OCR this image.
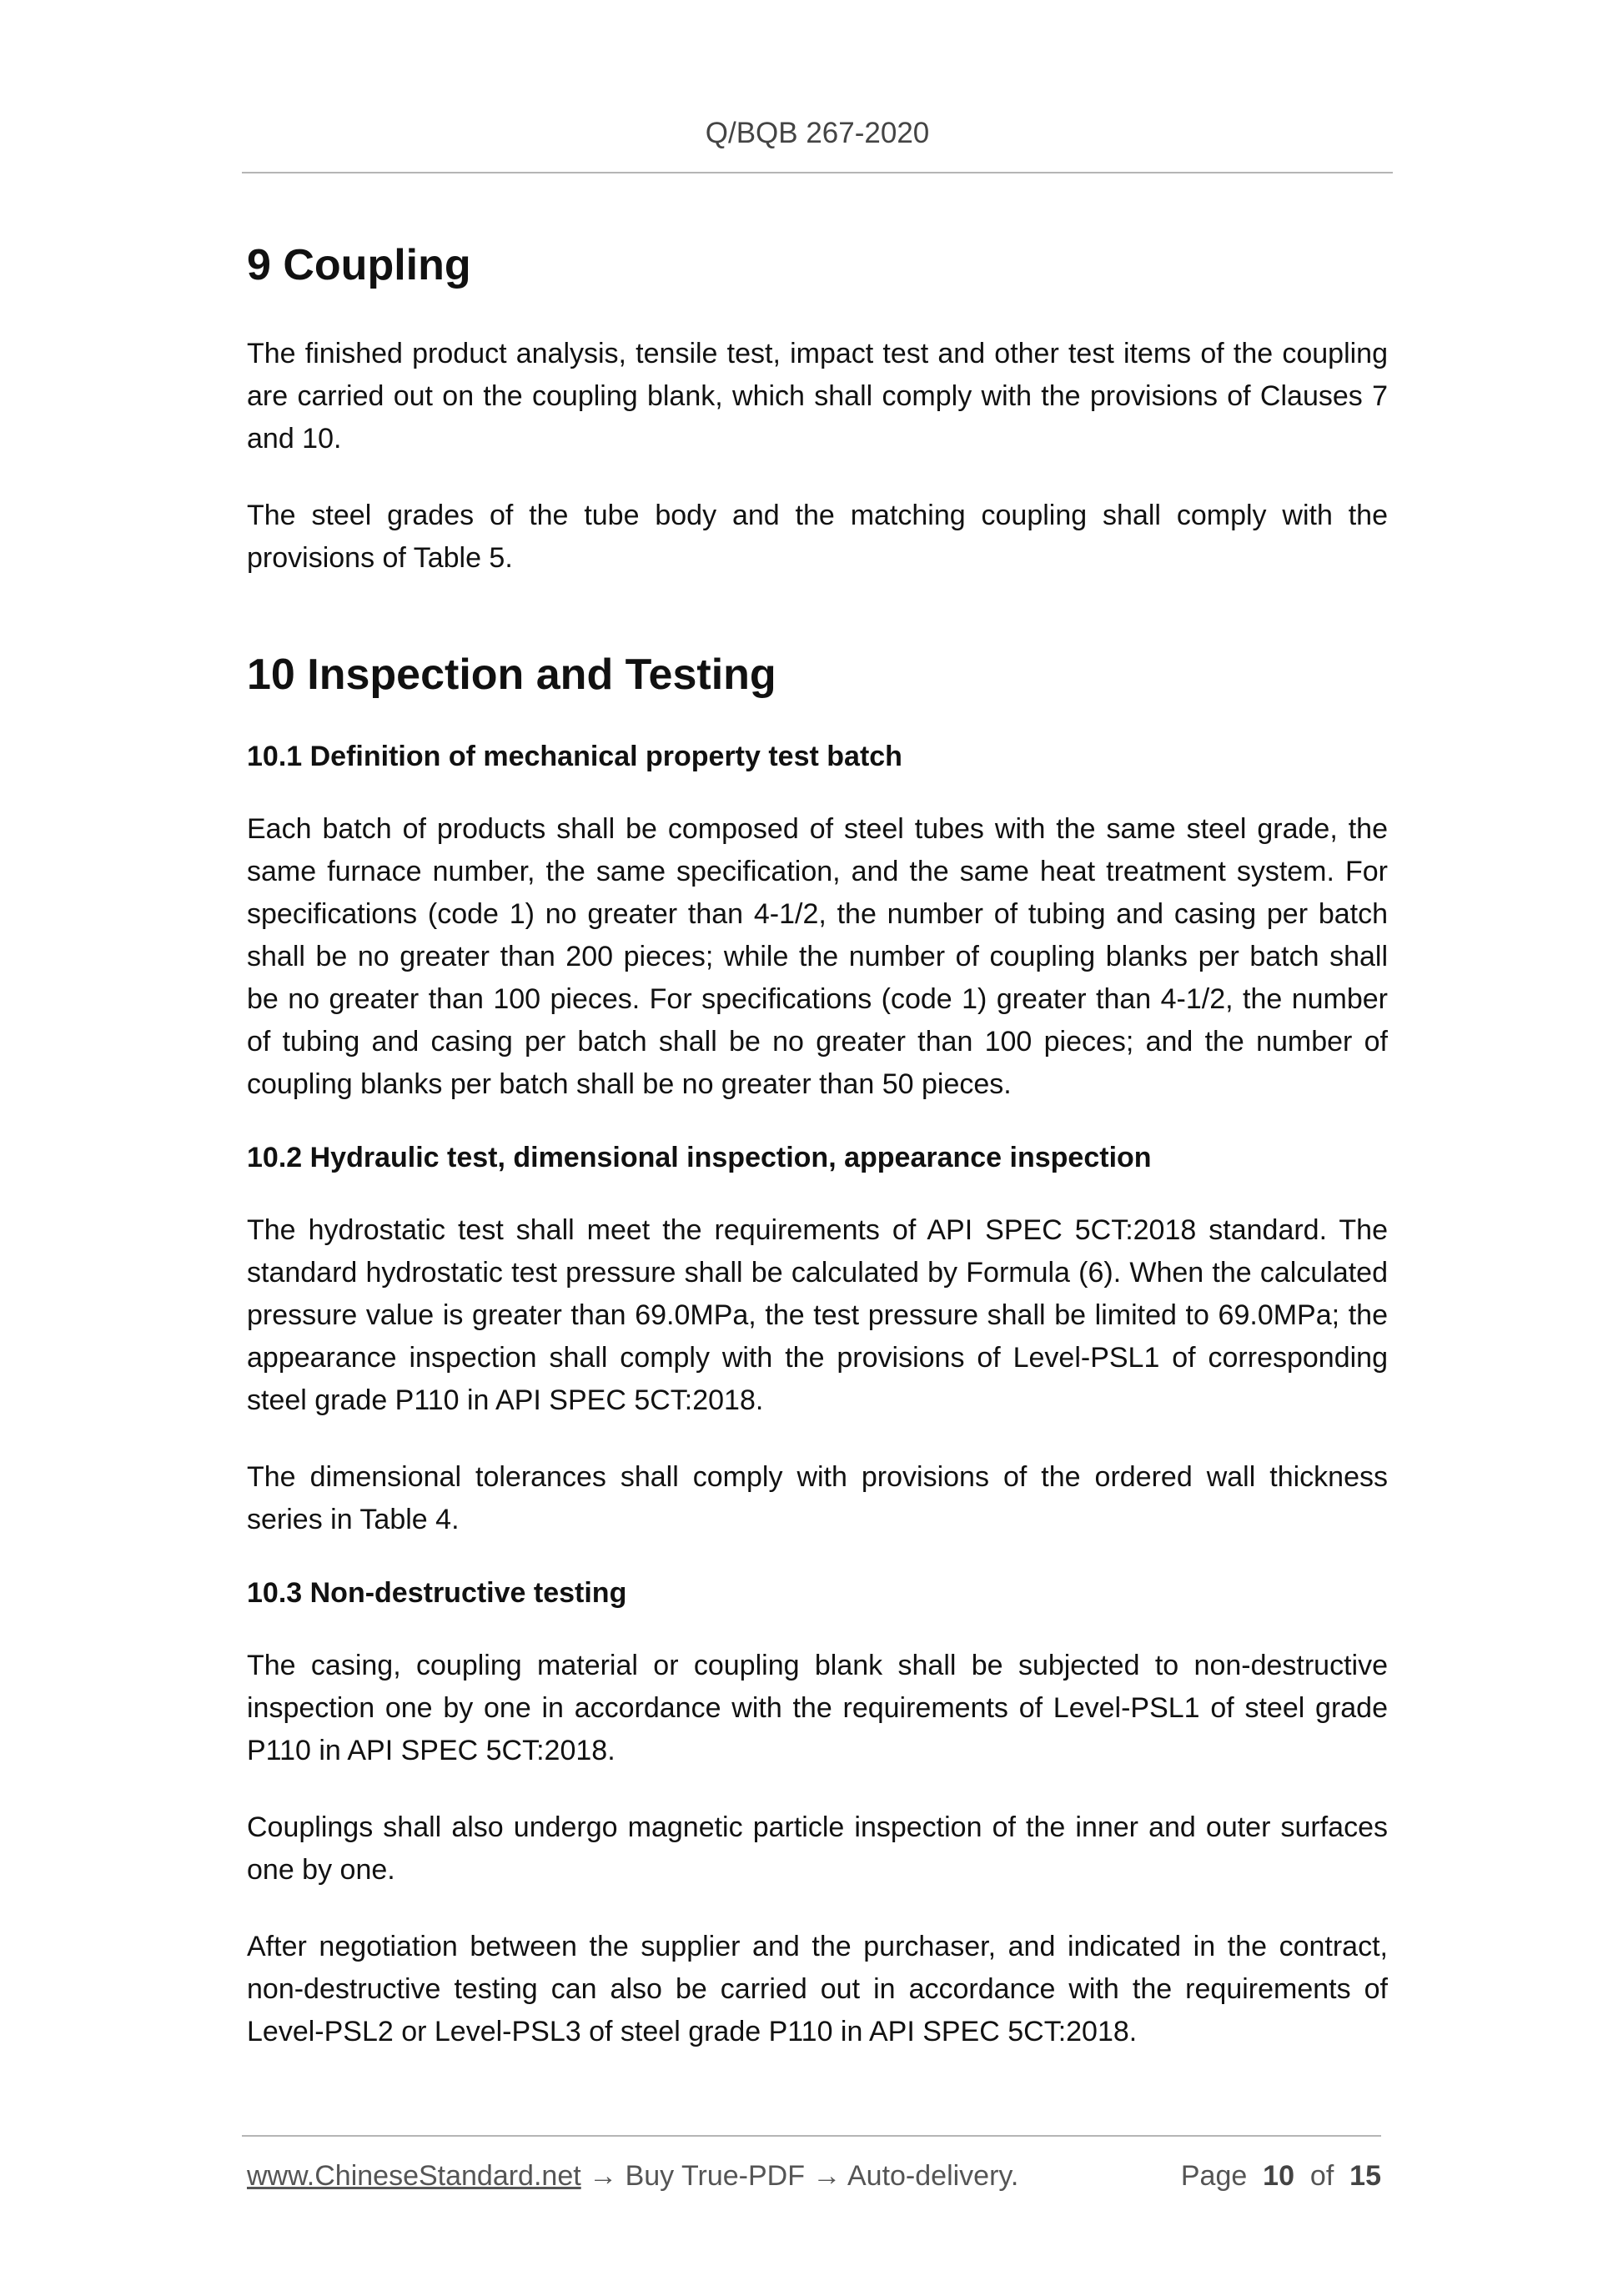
Q/BQB 267-2020
9 Coupling

The finished product analysis, tensile test, impact test and other test items of the coupling are carried out on the coupling blank, which shall comply with the provisions of Clauses 7 and 10.

The steel grades of the tube body and the matching coupling shall comply with the provisions of Table 5.

10 Inspection and Testing
10.1 Definition of mechanical property test batch

Each batch of products shall be composed of steel tubes with the same steel grade, the same furnace number, the same specification, and the same heat treatment system. For specifications (code 1) no greater than 4-1/2, the number of tubing and casing per batch shall be no greater than 200 pieces; while the number of coupling blanks per batch shall be no greater than 100 pieces. For specifications (code 1) greater than 4-1/2, the number of tubing and casing per batch shall be no greater than 100 pieces; and the number of coupling blanks per batch shall be no greater than 50 pieces.

10.2 Hydraulic test, dimensional inspection, appearance inspection

The hydrostatic test shall meet the requirements of API SPEC 5CT:2018 standard. The standard hydrostatic test pressure shall be calculated by Formula (6). When the calculated pressure value is greater than 69.0MPa, the test pressure shall be limited to 69.0MPa; the appearance inspection shall comply with the provisions of Level-PSL1 of corresponding steel grade P110 in API SPEC 5CT:2018.

The dimensional tolerances shall comply with provisions of the ordered wall thickness series in Table 4.

10.3 Non-destructive testing

The casing, coupling material or coupling blank shall be subjected to non-destructive inspection one by one in accordance with the requirements of Level-PSL1 of steel grade P110 in API SPEC 5CT:2018.

Couplings shall also undergo magnetic particle inspection of the inner and outer surfaces one by one.

After negotiation between the supplier and the purchaser, and indicated in the contract, non-destructive testing can also be carried out in accordance with the requirements of Level-PSL2 or Level-PSL3 of steel grade P110 in API SPEC 5CT:2018.

www.ChineseStandard.net → Buy True-PDF → Auto-delivery.	Page 10 of 15
